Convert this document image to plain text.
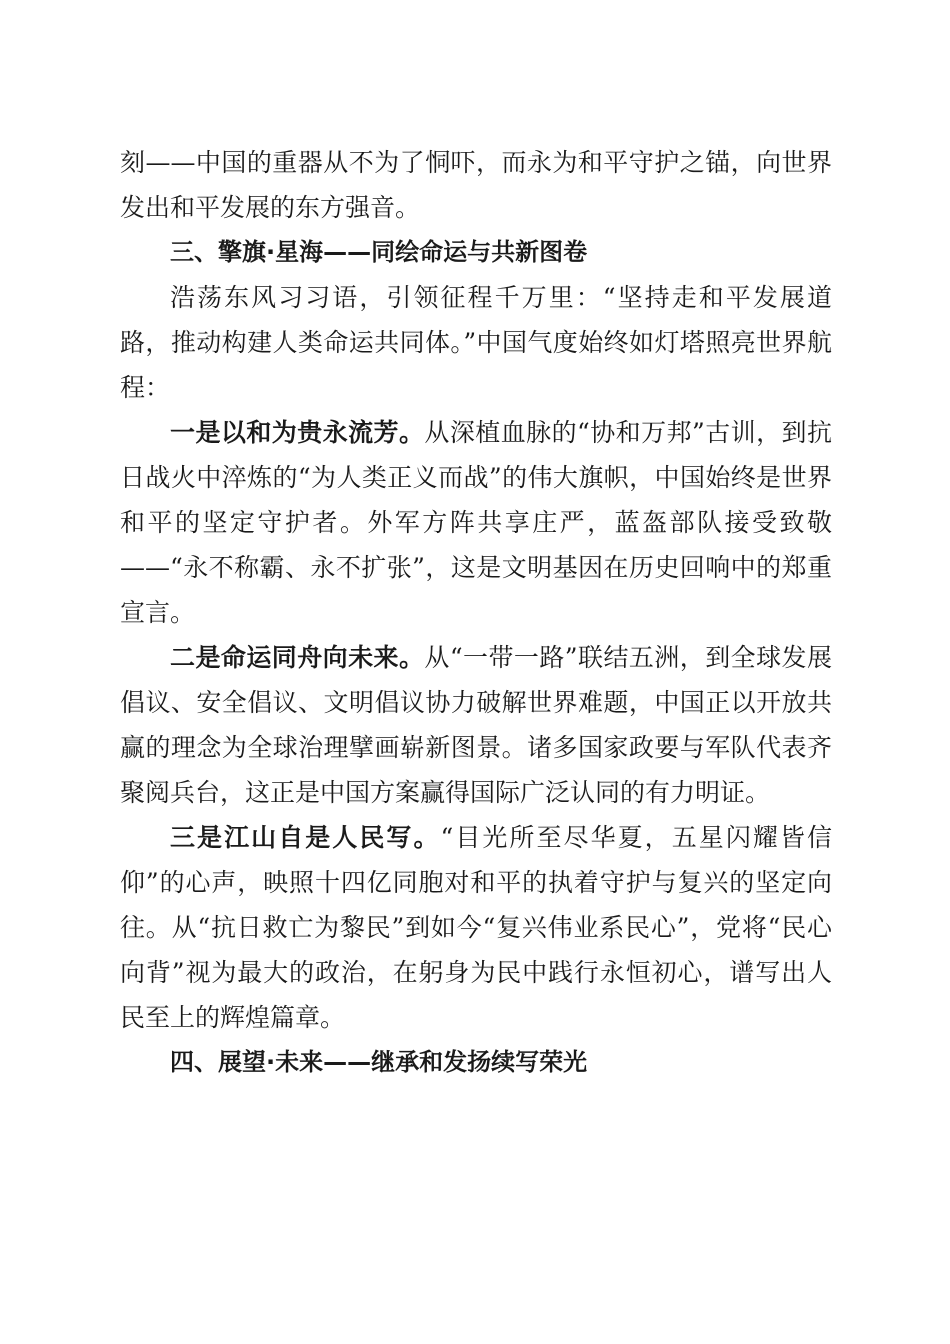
刻——中国的重器从不为了恫吓，而永为和平守护之锚，向世界发出和平发展的东方强音。

三、擎旗·星海——同绘命运与共新图卷

浩荡东风习习语，引领征程千万里：“坚持走和平发展道路，推动构建人类命运共同体。”中国气度始终如灯塔照亮世界航程：

一是以和为贵永流芳。从深植血脉的“协和万邦”古训，到抗日战火中淬炼的“为人类正义而战”的伟大旗帜，中国始终是世界和平的坚定守护者。外军方阵共享庄严，蓝盔部队接受致敬——“永不称霸、永不扩张”，这是文明基因在历史回响中的郑重宣言。

二是命运同舟向未来。从“一带一路”联结五洲，到全球发展倡议、安全倡议、文明倡议协力破解世界难题，中国正以开放共赢的理念为全球治理擘画崭新图景。诸多国家政要与军队代表齐聚阅兵台，这正是中国方案赢得国际广泛认同的有力明证。

三是江山自是人民写。“目光所至尽华夏，五星闪耀皆信仰”的心声，映照十四亿同胞对和平的执着守护与复兴的坚定向往。从“抗日救亡为黎民”到如今“复兴伟业系民心”，党将“民心向背”视为最大的政治，在躬身为民中践行永恒初心，谱写出人民至上的辉煌篇章。

四、展望·未来——继承和发扬续写荣光
